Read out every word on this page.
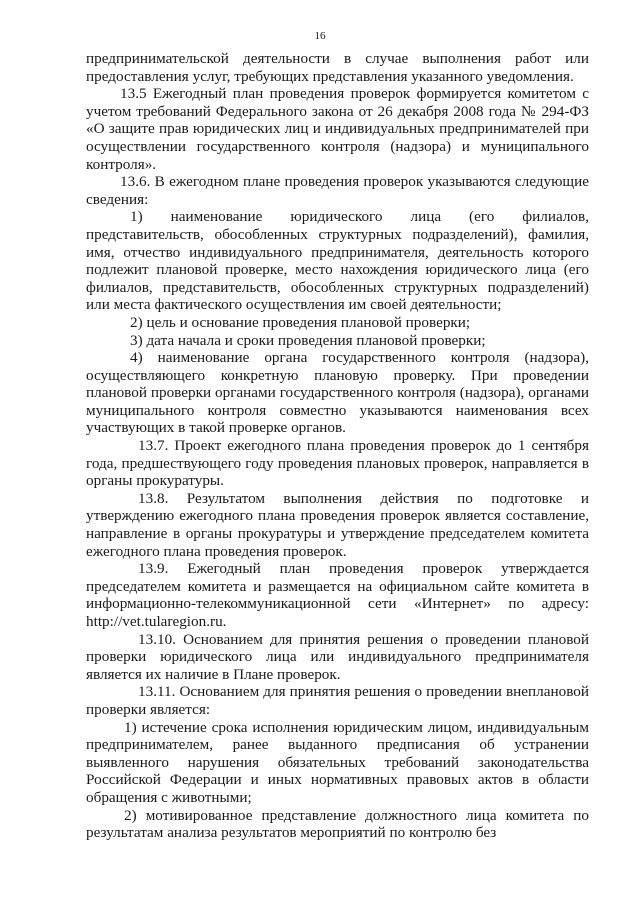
16

предпринимательской деятельности в случае выполнения работ или предоставления услуг, требующих представления указанного уведомления.

13.5 Ежегодный план проведения проверок формируется комитетом с учетом требований Федерального закона от 26 декабря 2008 года № 294-ФЗ «О защите прав юридических лиц и индивидуальных предпринимателей при осуществлении государственного контроля (надзора) и муниципального контроля».

13.6. В ежегодном плане проведения проверок указываются следующие сведения:

1) наименование юридического лица (его филиалов, представительств, обособленных структурных подразделений), фамилия, имя, отчество индивидуального предпринимателя, деятельность которого подлежит плановой проверке, место нахождения юридического лица (его филиалов, представительств, обособленных структурных подразделений) или места фактического осуществления им своей деятельности;

2) цель и основание проведения плановой проверки;

3) дата начала и сроки проведения плановой проверки;

4) наименование органа государственного контроля (надзора), осуществляющего конкретную плановую проверку. При проведении плановой проверки органами государственного контроля (надзора), органами муниципального контроля совместно указываются наименования всех участвующих в такой проверке органов.

13.7. Проект ежегодного плана проведения проверок до 1 сентября года, предшествующего году проведения плановых проверок, направляется в органы прокуратуры.

13.8. Результатом выполнения действия по подготовке и утверждению ежегодного плана проведения проверок является составление, направление в органы прокуратуры и утверждение председателем комитета ежегодного плана проведения проверок.

13.9. Ежегодный план проведения проверок утверждается председателем комитета и размещается на официальном сайте комитета в информационно-телекоммуникационной сети «Интернет» по адресу: http://vet.tularegion.ru.

13.10. Основанием для принятия решения о проведении плановой проверки юридического лица или индивидуального предпринимателя является их наличие в Плане проверок.

13.11. Основанием для принятия решения о проведении внеплановой проверки является:

1) истечение срока исполнения юридическим лицом, индивидуальным предпринимателем, ранее выданного предписания об устранении выявленного нарушения обязательных требований законодательства Российской Федерации и иных нормативных правовых актов в области обращения с животными;

2) мотивированное представление должностного лица комитета по результатам анализа результатов мероприятий по контролю без
